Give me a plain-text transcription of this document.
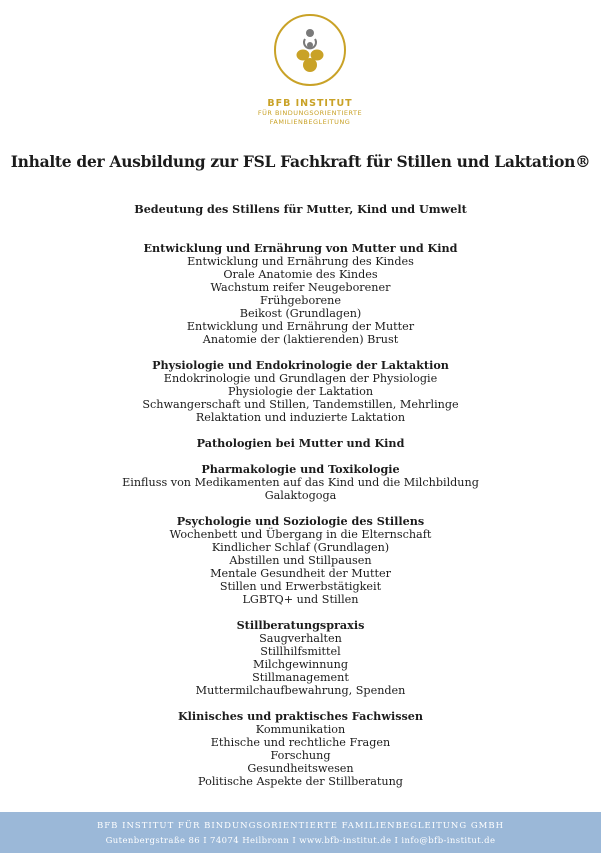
BFB INSTITUT
FÜR BINDUNGSORIENTIERTE
FAMILIENBEGLEITUNG
Inhalte der Ausbildung zur FSL Fachkraft für Stillen und Laktation®
Bedeutung des Stillens für Mutter, Kind und Umwelt
Entwicklung und Ernährung von Mutter und Kind
Entwicklung und Ernährung des Kindes
Orale Anatomie des Kindes
Wachstum reifer Neugeborener
Frühgeborene
Beikost (Grundlagen)
Entwicklung und Ernährung der Mutter
Anatomie der (laktierenden) Brust
Physiologie und Endokrinologie der Laktaktion
Endokrinologie und Grundlagen der Physiologie
Physiologie der Laktation
Schwangerschaft und Stillen, Tandemstillen, Mehrlinge
Relaktation und induzierte Laktation
Pathologien bei Mutter und Kind
Pharmakologie und Toxikologie
Einfluss von Medikamenten auf das Kind und die Milchbildung
Galaktogoga
Psychologie und Soziologie des Stillens
Wochenbett und Übergang in die Elternschaft
Kindlicher Schlaf (Grundlagen)
Abstillen und Stillpausen
Mentale Gesundheit der Mutter
Stillen und Erwerbstätigkeit
LGBTQ+ und Stillen
Stillberatungspraxis
Saugverhalten
Stillhilfsmittel
Milchgewinnung
Stillmanagement
Muttermilchaufbewahrung, Spenden
Klinisches und praktisches Fachwissen
Kommunikation
Ethische und rechtliche Fragen
Forschung
Gesundheitswesen
Politische Aspekte der Stillberatung
BFB INSTITUT FÜR BINDUNGSORIENTIERTE FAMILIENBEGLEITUNG GMBH
Gutenbergstraße 86 I 74074 Heilbronn I www.bfb-institut.de I info@bfb-institut.de
